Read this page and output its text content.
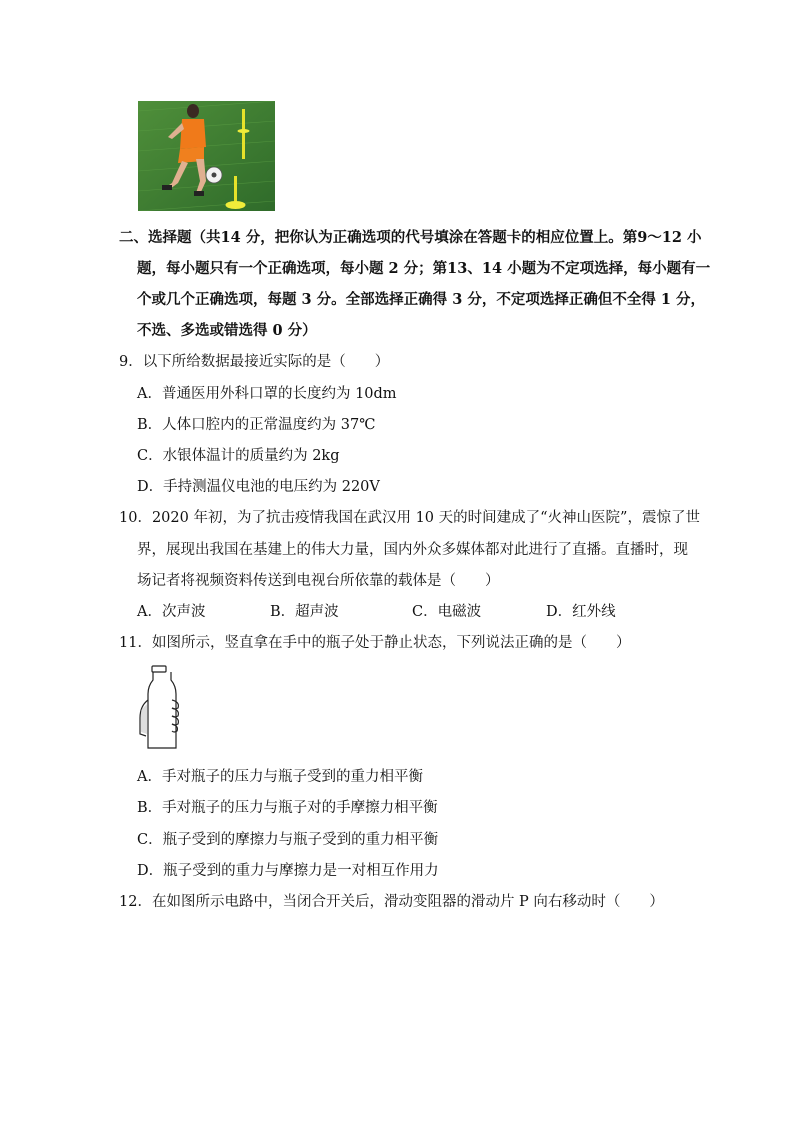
二、选择题（共14 分，把你认为正确选项的代号填涂在答题卡的相应位置上。第9～12 小
题，每小题只有一个正确选项，每小题 2 分；第13、14 小题为不定项选择，每小题有一
个或几个正确选项，每题 3 分。全部选择正确得 3 分，不定项选择正确但不全得 1 分，
不选、多选或错选得 0 分）
9．以下所给数据最接近实际的是（　　）
A．普通医用外科口罩的长度约为 10dm
B．人体口腔内的正常温度约为 37℃
C．水银体温计的质量约为 2kg
D．手持测温仪电池的电压约为 220V
10．2020 年初，为了抗击疫情我国在武汉用 10 天的时间建成了“火神山医院”，震惊了世
界，展现出我国在基建上的伟大力量，国内外众多媒体都对此进行了直播。直播时，现
场记者将视频资料传送到电视台所依靠的载体是（　　）
A．次声波	B．超声波	C．电磁波	D．红外线
11．如图所示，竖直拿在手中的瓶子处于静止状态，下列说法正确的是（　　）
A．手对瓶子的压力与瓶子受到的重力相平衡
B．手对瓶子的压力与瓶子对的手摩擦力相平衡
C．瓶子受到的摩擦力与瓶子受到的重力相平衡
D．瓶子受到的重力与摩擦力是一对相互作用力
12．在如图所示电路中，当闭合开关后，滑动变阻器的滑动片 P 向右移动时（　　）
